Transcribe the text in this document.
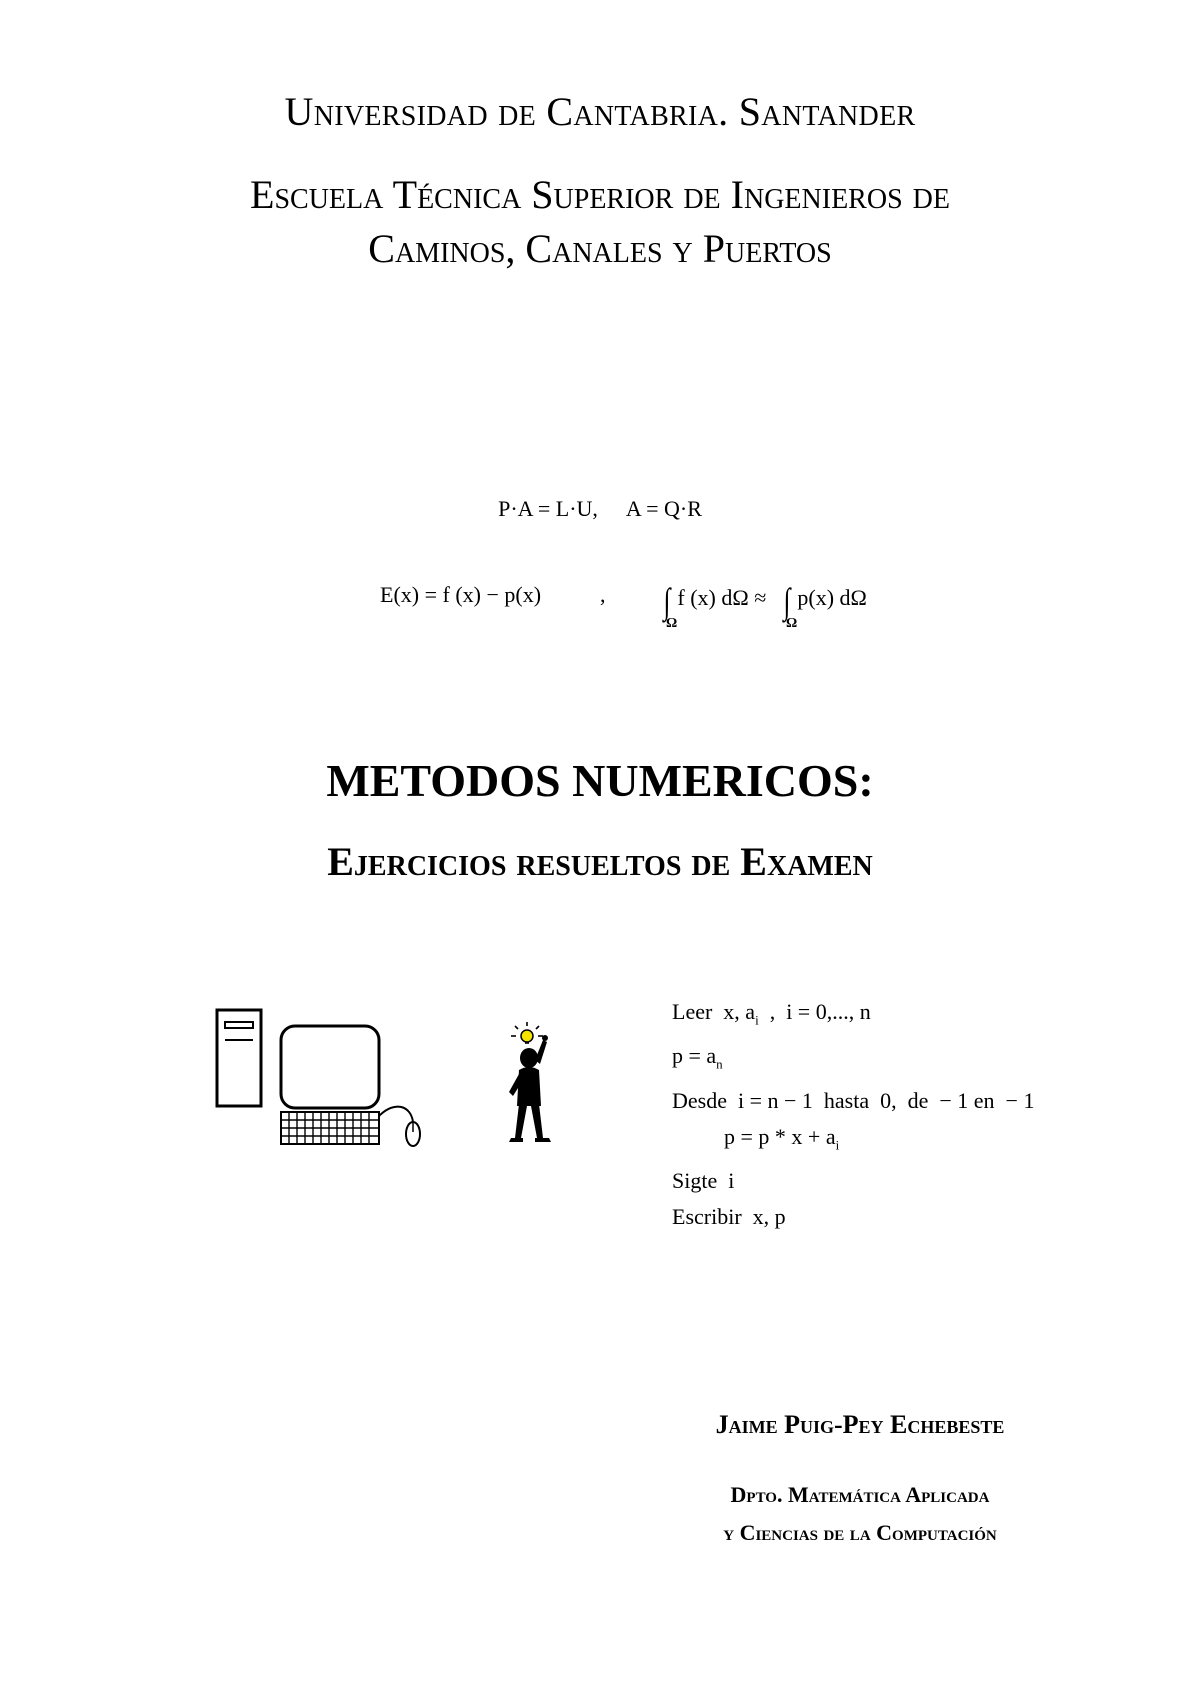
Universidad de Cantabria. Santander
Escuela Técnica Superior de Ingenieros de
Caminos, Canales y Puertos
P·A = L·U, A = Q·R
E(x) = f (x) − p(x)	, ∫ f (x) dΩ ≈
Ω
∫ p(x) dΩ
Ω
METODOS NUMERICOS:
Ejercicios resueltos de Examen
Leer  x, $a_i$  ,  i = 0,..., n
$p = a_n$
Desde  i = n − 1  hasta  0,  de  − 1 en  − 1
$p = p * x + a_i$
Sigte  i
Escribir  x, p
Jaime Puig-Pey Echebeste
Dpto. Matemática Aplicada
y Ciencias de la Computación
